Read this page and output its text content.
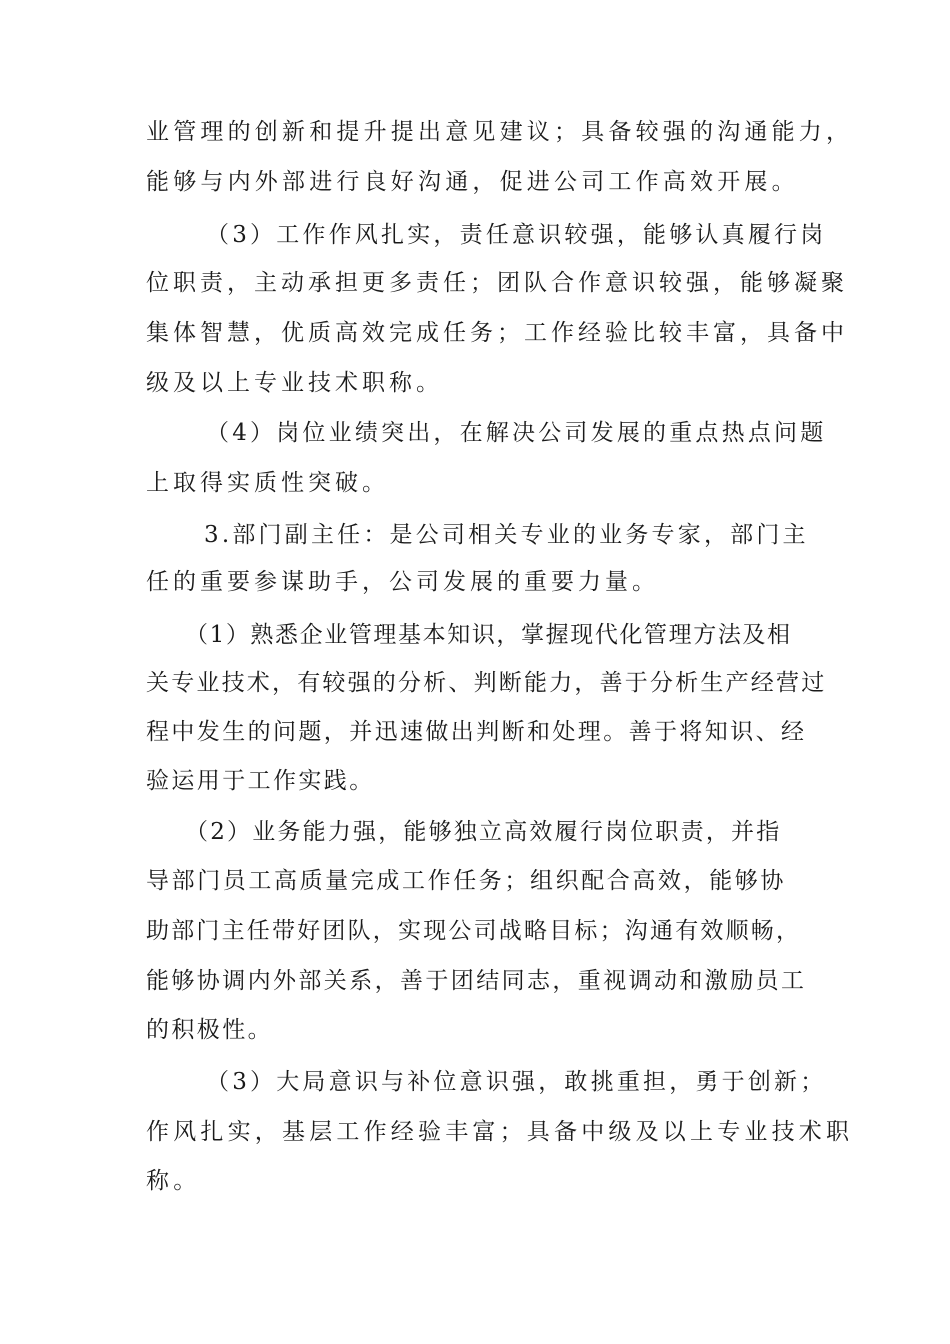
业管理的创新和提升提出意见建议；具备较强的沟通能力，
能够与内外部进行良好沟通，促进公司工作高效开展。
（3）工作作风扎实，责任意识较强，能够认真履行岗
位职责，主动承担更多责任；团队合作意识较强，能够凝聚
集体智慧，优质高效完成任务；工作经验比较丰富，具备中
级及以上专业技术职称。
（4）岗位业绩突出，在解决公司发展的重点热点问题
上取得实质性突破。
3.部门副主任：是公司相关专业的业务专家，部门主
任的重要参谋助手，公司发展的重要力量。
（1）熟悉企业管理基本知识，掌握现代化管理方法及相
关专业技术，有较强的分析、判断能力，善于分析生产经营过
程中发生的问题，并迅速做出判断和处理。善于将知识、经
验运用于工作实践。
（2）业务能力强，能够独立高效履行岗位职责，并指
导部门员工高质量完成工作任务；组织配合高效，能够协
助部门主任带好团队，实现公司战略目标；沟通有效顺畅，
能够协调内外部关系，善于团结同志，重视调动和激励员工
的积极性。
（3）大局意识与补位意识强，敢挑重担，勇于创新；
作风扎实，基层工作经验丰富；具备中级及以上专业技术职
称。
